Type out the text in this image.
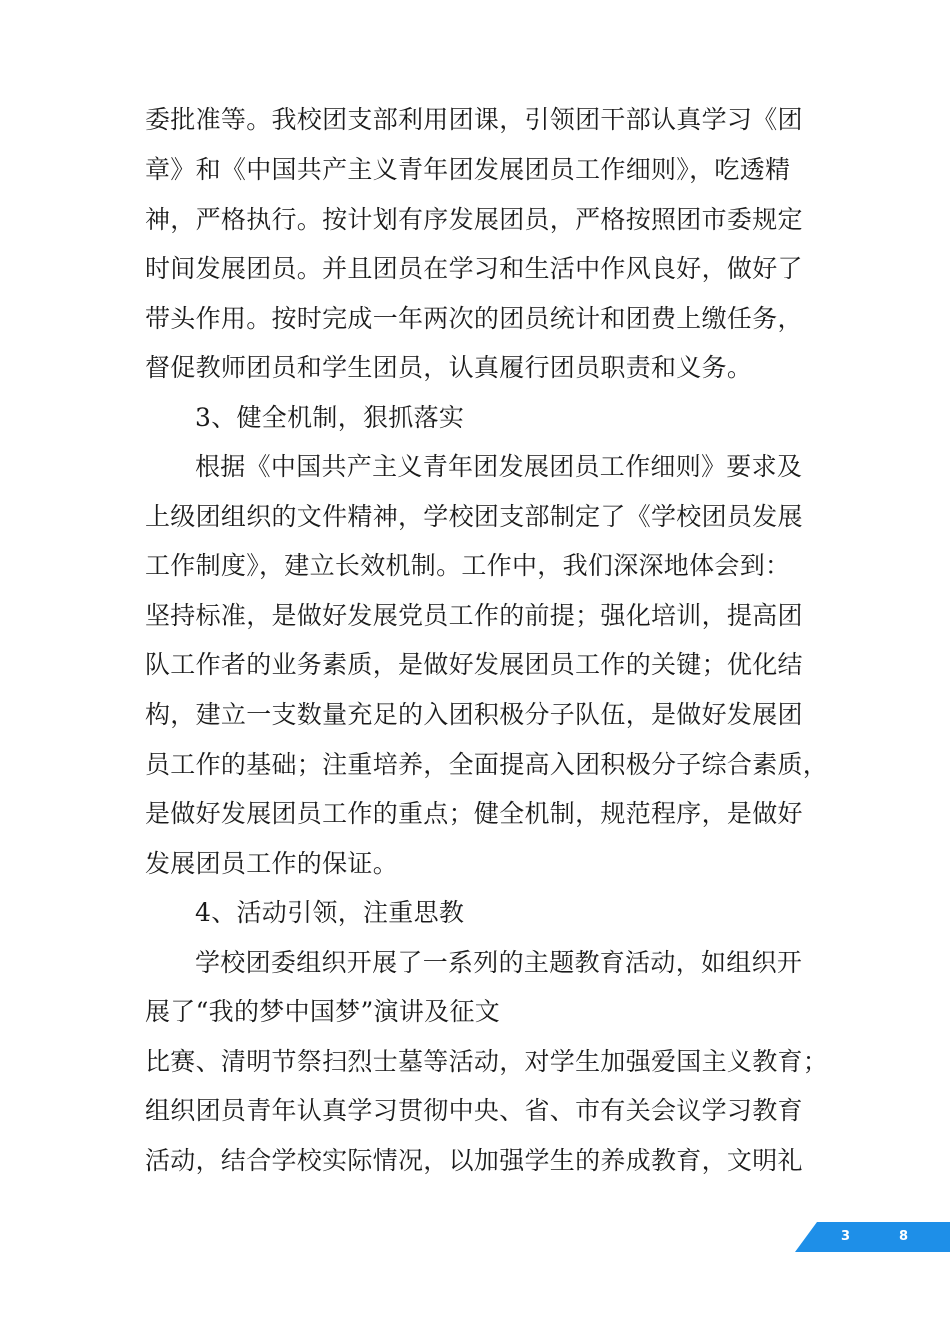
委批准等。我校团支部利用团课，引领团干部认真学习《团
章》和《中国共产主义青年团发展团员工作细则》，吃透精
神，严格执行。按计划有序发展团员，严格按照团市委规定
时间发展团员。并且团员在学习和生活中作风良好，做好了
带头作用。按时完成一年两次的团员统计和团费上缴任务，
督促教师团员和学生团员，认真履行团员职责和义务。
3、健全机制，狠抓落实
根据《中国共产主义青年团发展团员工作细则》要求及
上级团组织的文件精神，学校团支部制定了《学校团员发展
工作制度》，建立长效机制。工作中，我们深深地体会到：
坚持标准，是做好发展党员工作的前提；强化培训，提高团
队工作者的业务素质，是做好发展团员工作的关键；优化结
构，建立一支数量充足的入团积极分子队伍，是做好发展团
员工作的基础；注重培养，全面提高入团积极分子综合素质，
是做好发展团员工作的重点；健全机制，规范程序，是做好
发展团员工作的保证。
4、活动引领，注重思教
学校团委组织开展了一系列的主题教育活动，如组织开
展了“我的梦中国梦”演讲及征文
比赛、清明节祭扫烈士墓等活动，对学生加强爱国主义教育；
组织团员青年认真学习贯彻中央、省、市有关会议学习教育
活动，结合学校实际情况，以加强学生的养成教育，文明礼
3	8
